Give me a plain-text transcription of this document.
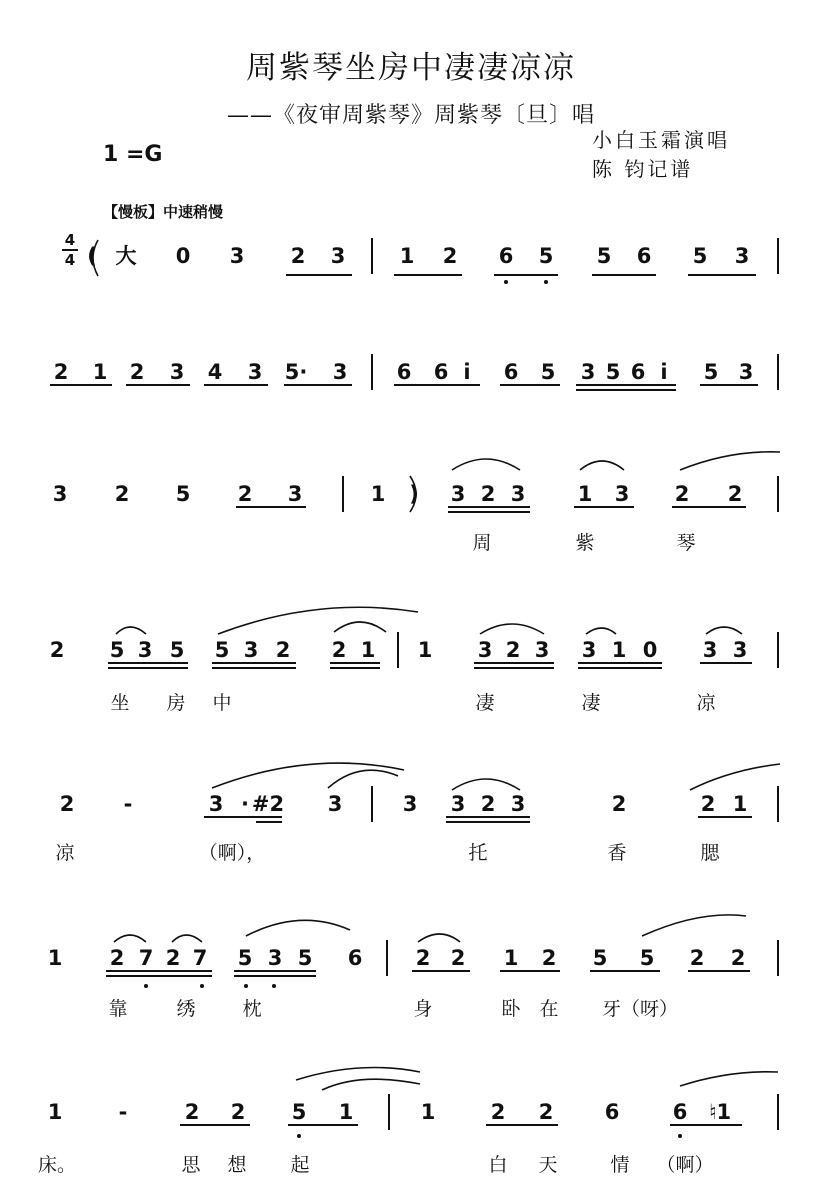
周紫琴坐房中凄凄凉凉
——《夜审周紫琴》周紫琴〔旦〕唱
小白玉霜演唱
陈 钧记谱
1 =G
【慢板】中速稍慢
4
4 ( 大 0 3 2 3	1 2 6 5 5 6 5 3
2 1 2 3 4 3 5· 3 6 6 i 6 5 3 5 6 i 5 3
3 2 5 2 3	1 ) 3 2 3 1 3 2 2
周	紫	琴
2 5 3 5 5 3 2 2 1 1 3 2 3 3 1 0 3 3
坐 房 中	凄	凄	凉
2 -	3 · #2 3	3 3 2 3	2	2 1
凉	（啊），	托	香	腮
1 2 7 2 7 5 3 5 6	2 2 1 2 5 5 2 2
靠	绣 枕	身	卧 在 牙（呀）
1	-	2 2 5 1	1	2 2 6	6 ♮1
床。	思 想 起	白 天	情 （啊）
